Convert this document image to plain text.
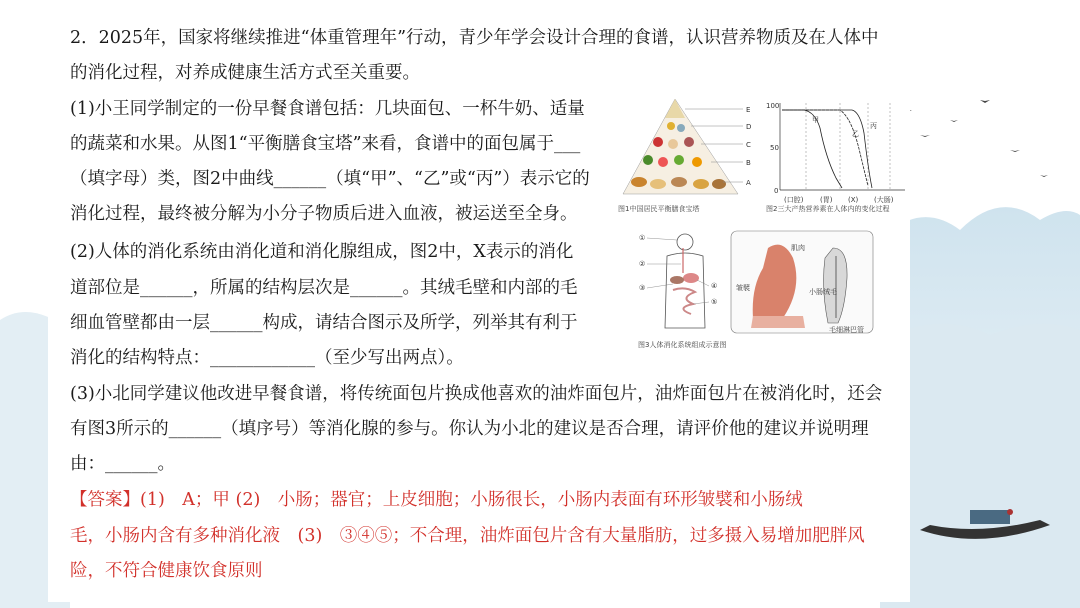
2．2025年，国家将继续推进“体重管理年”行动，青少年学会设计合理的食谱，认识营养物质及在人体中
的消化过程，对养成健康生活方式至关重要。
(1)小王同学制定的一份早餐食谱包括：几块面包、一杯牛奶、适量
的蔬菜和水果。从图1“平衡膳食宝塔”来看，食谱中的面包属于___
（填字母）类，图2中曲线______（填“甲”、“乙”或“丙”）表示它的
消化过程，最终被分解为小分子物质后进入血液，被运送至全身。
(2)人体的消化系统由消化道和消化腺组成，图2中，X表示的消化
道部位是______，所属的结构层次是______。其绒毛壁和内部的毛
细血管壁都由一层______构成，请结合图示及所学，列举其有利于
消化的结构特点：____________（至少写出两点）。
(3)小北同学建议他改进早餐食谱，将传统面包片换成他喜欢的油炸面包片，油炸面包片在被消化时，还会
有图3所示的______（填序号）等消化腺的参与。你认为小北的建议是否合理，请评价他的建议并说明理
由：______。
【答案】(1)　A；甲 (2)　小肠；器官；上皮细胞；小肠很长，小肠内表面有环形皱襞和小肠绒
毛，小肠内含有多种消化液　(3)　③④⑤；不合理，油炸面包片含有大量脂肪，过多摄入易增加肥胖风
险，不符合健康饮食原则
E
D
C
B
A
图1中国居民平衡膳食宝塔
100
50
0
甲
乙
丙
(口腔) (胃) (X) (大肠)
图2三大产热营养素在人体内的变化过程
①
②
③	④
⑤
肌肉
皱襞	小肠绒毛
毛细淋巴管
图3人体消化系统组成示意图
